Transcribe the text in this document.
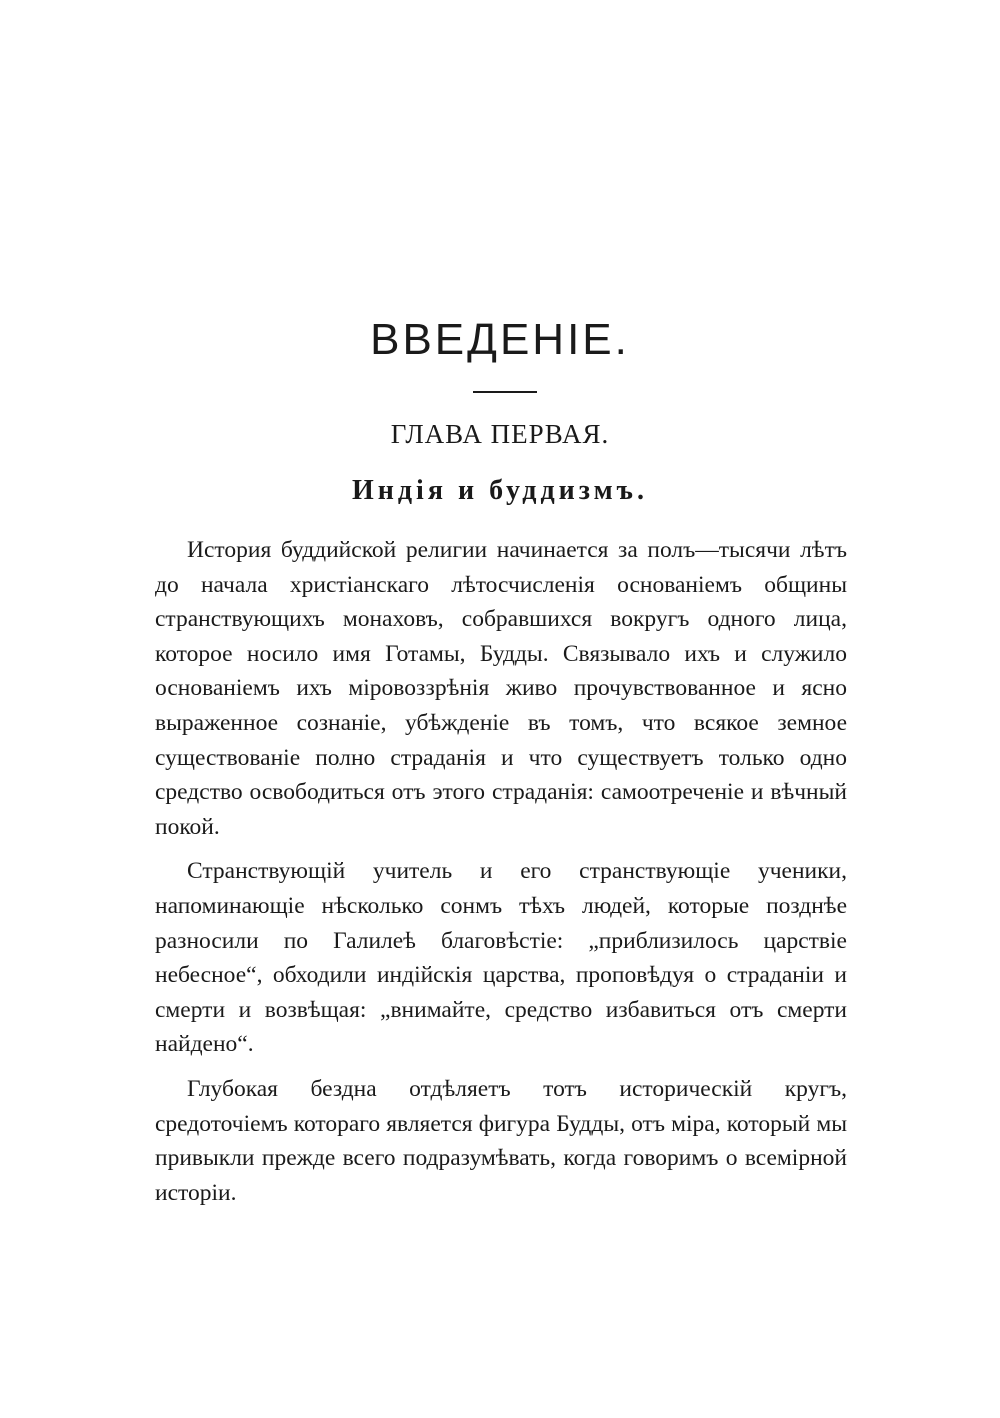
ВВЕДЕНІЕ.
ГЛАВА ПЕРВАЯ.
Индія и буддизмъ.

История буддийской религии начинается за полъ—тысячи лѣтъ до начала христіанскаго лѣтосчисленія основаніемъ общины странствующихъ монаховъ, собравшихся вокругъ одного лица, которое носило имя Готамы, Будды. Связывало ихъ и служило основаніемъ ихъ міровоззрѣнія живо прочувствованное и ясно выраженное сознаніе, убѣжденіе въ томъ, что всякое земное существованіе полно страданія и что существуетъ только одно средство освободиться отъ этого страданія: самоотреченіе и вѣчный покой.

Странствующій учитель и его странствующіе ученики, напоминающіе нѣсколько сонмъ тѣхъ людей, которые позднѣе разносили по Галилеѣ благовѣстіе: „приблизилось царствіе небесное“, обходили индійскія царства, проповѣдуя о страданіи и смерти и возвѣщая: „внимайте, средство избавиться отъ смерти найдено“.

Глубокая бездна отдѣляетъ тотъ историческій кругъ, средоточіемъ котораго является фигура Будды, отъ міра, который мы привыкли прежде всего подразумѣвать, когда говоримъ о всемірной исторіи.
